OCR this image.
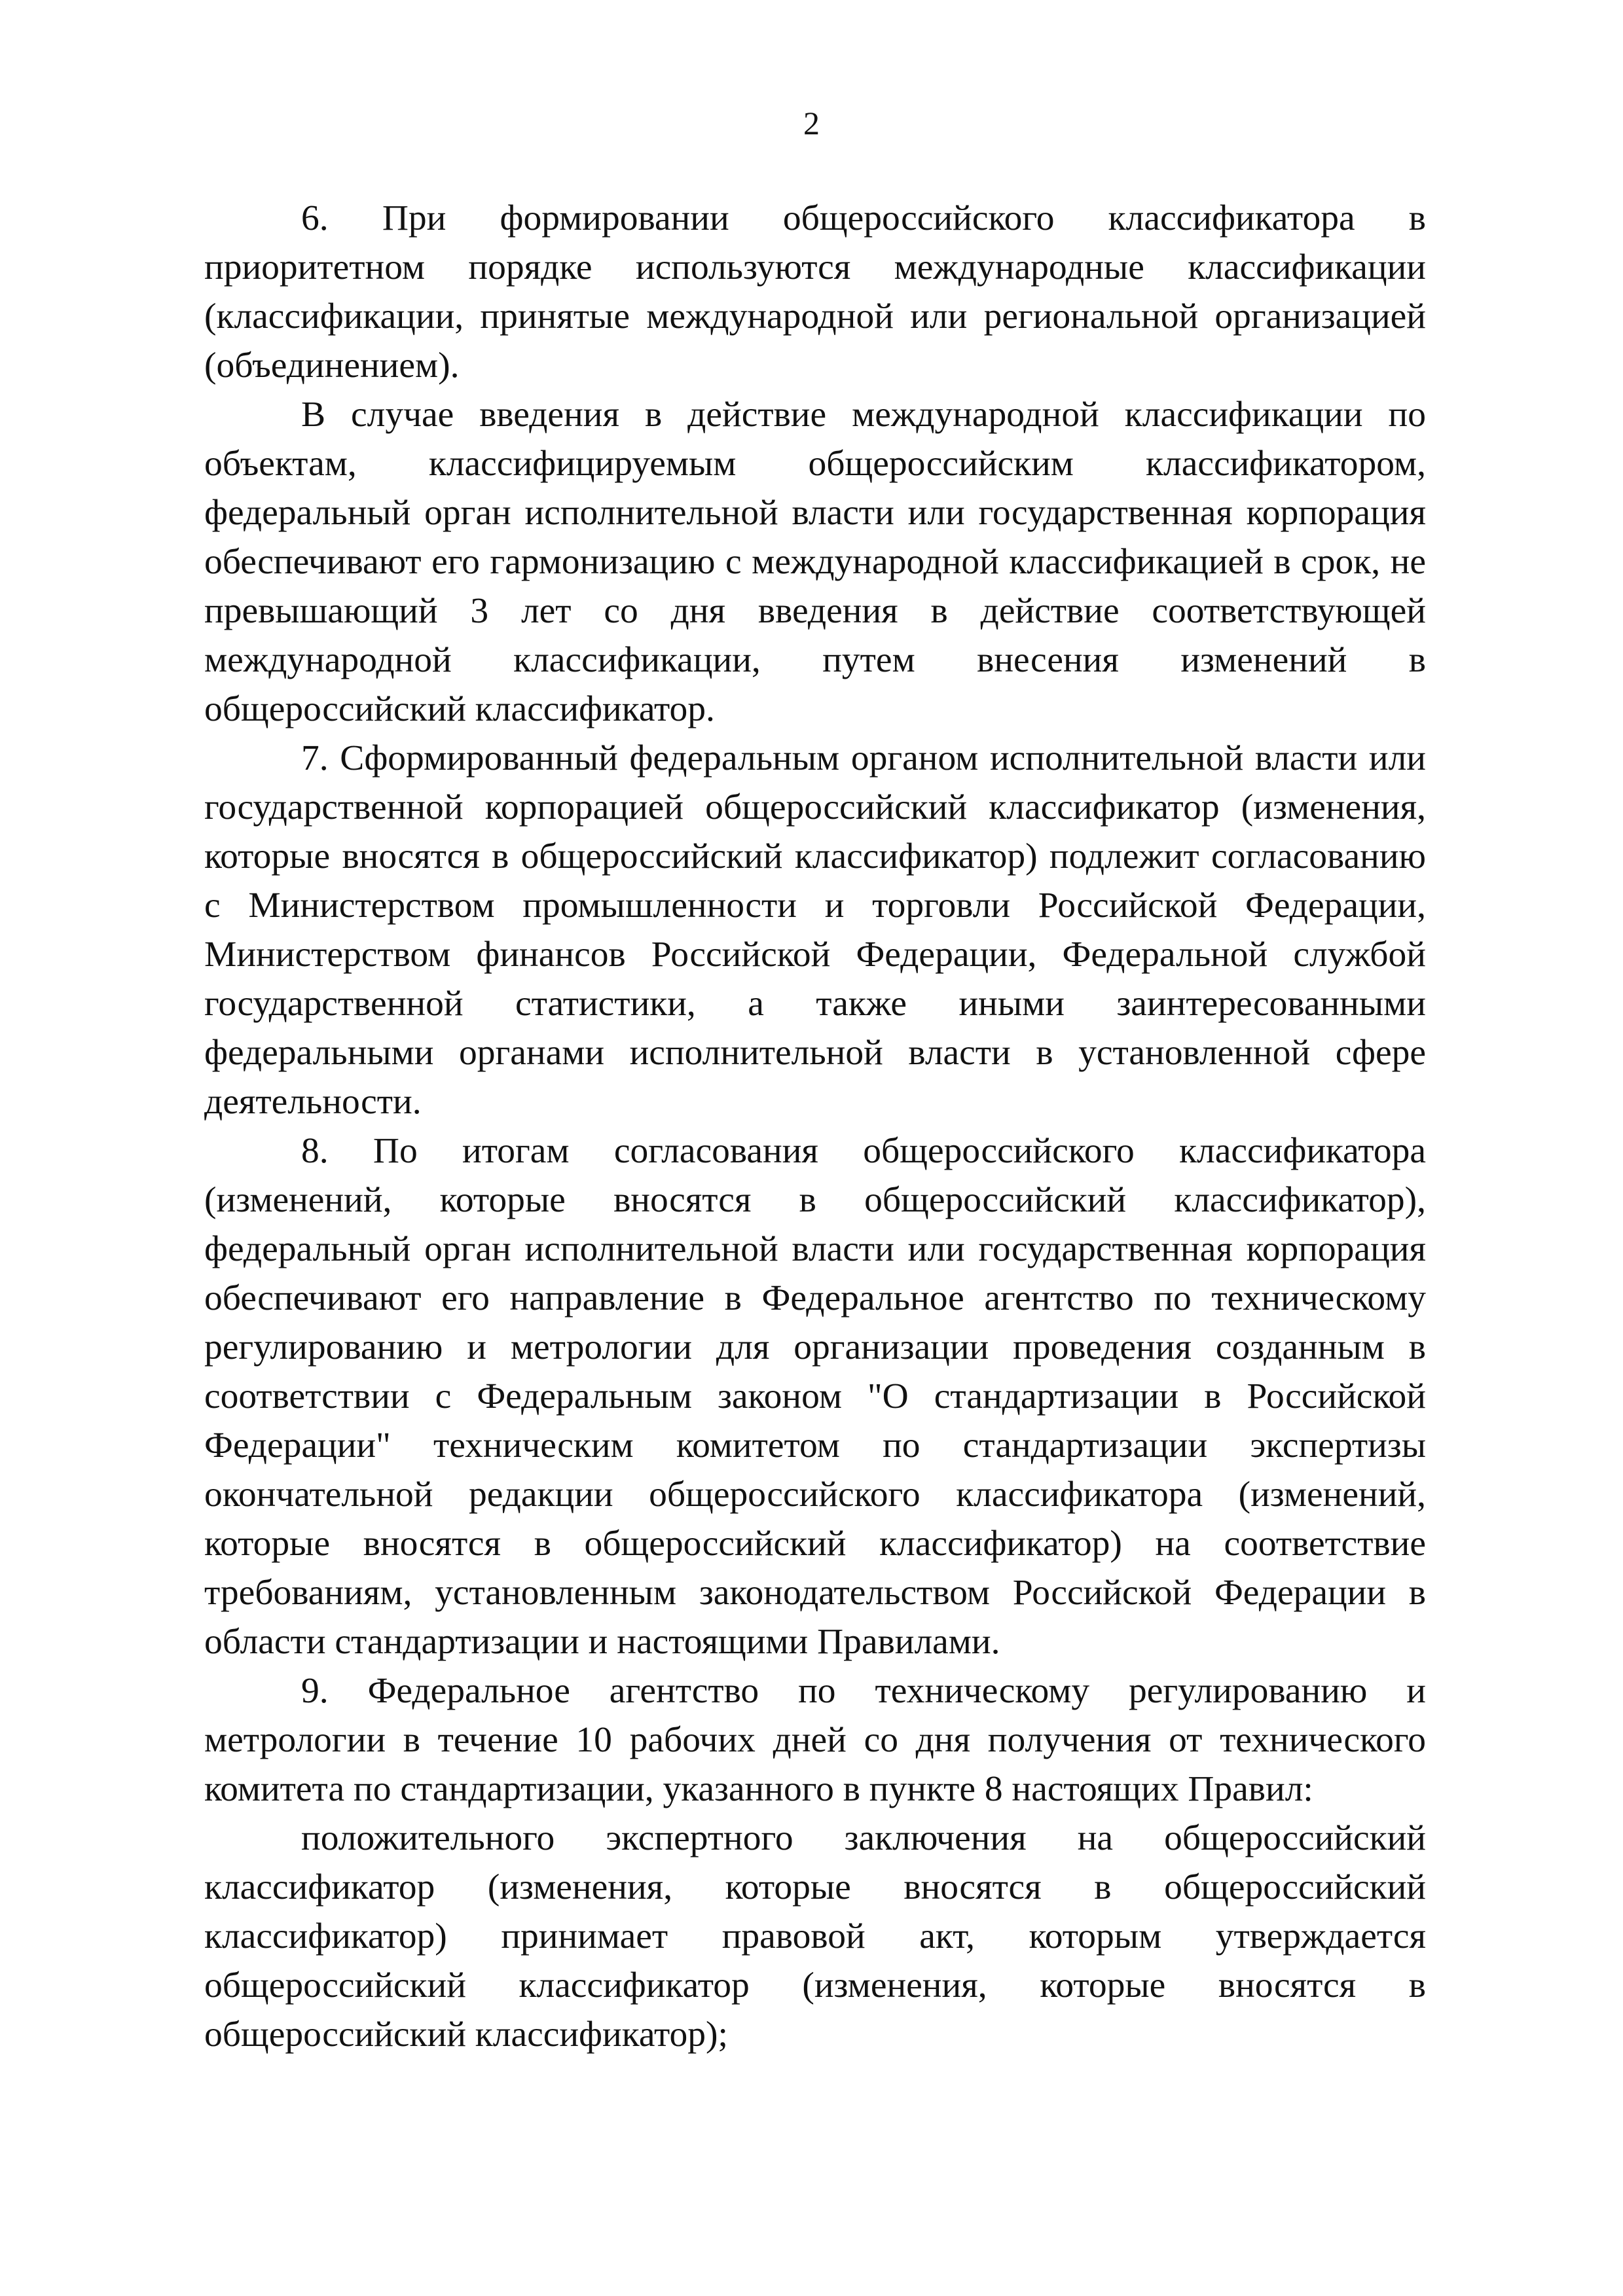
2

6. При формировании общероссийского классификатора в приоритетном порядке используются международные классификации (классификации, принятые международной или региональной организацией (объединением).

В случае введения в действие международной классификации по объектам, классифицируемым общероссийским классификатором, федеральный орган исполнительной власти или государственная корпорация обеспечивают его гармонизацию с международной классификацией в срок, не превышающий 3 лет со дня введения в действие соответствующей международной классификации, путем внесения изменений в общероссийский классификатор.

7. Сформированный федеральным органом исполнительной власти или государственной корпорацией общероссийский классификатор (изменения, которые вносятся в общероссийский классификатор) подлежит согласованию с Министерством промышленности и торговли Российской Федерации, Министерством финансов Российской Федерации, Федеральной службой государственной статистики, а также иными заинтересованными федеральными органами исполнительной власти в установленной сфере деятельности.

8. По итогам согласования общероссийского классификатора (изменений, которые вносятся в общероссийский классификатор), федеральный орган исполнительной власти или государственная корпорация обеспечивают его направление в Федеральное агентство по техническому регулированию и метрологии для организации проведения созданным в соответствии с Федеральным законом "О стандартизации в Российской Федерации" техническим комитетом по стандартизации экспертизы окончательной редакции общероссийского классификатора (изменений, которые вносятся в общероссийский классификатор) на соответствие требованиям, установленным законодательством Российской Федерации в области стандартизации и настоящими Правилами.

9. Федеральное агентство по техническому регулированию и метрологии в течение 10 рабочих дней со дня получения от технического комитета по стандартизации, указанного в пункте 8 настоящих Правил:

положительного экспертного заключения на общероссийский классификатор (изменения, которые вносятся в общероссийский классификатор) принимает правовой акт, которым утверждается общероссийский классификатор (изменения, которые вносятся в общероссийский классификатор);
